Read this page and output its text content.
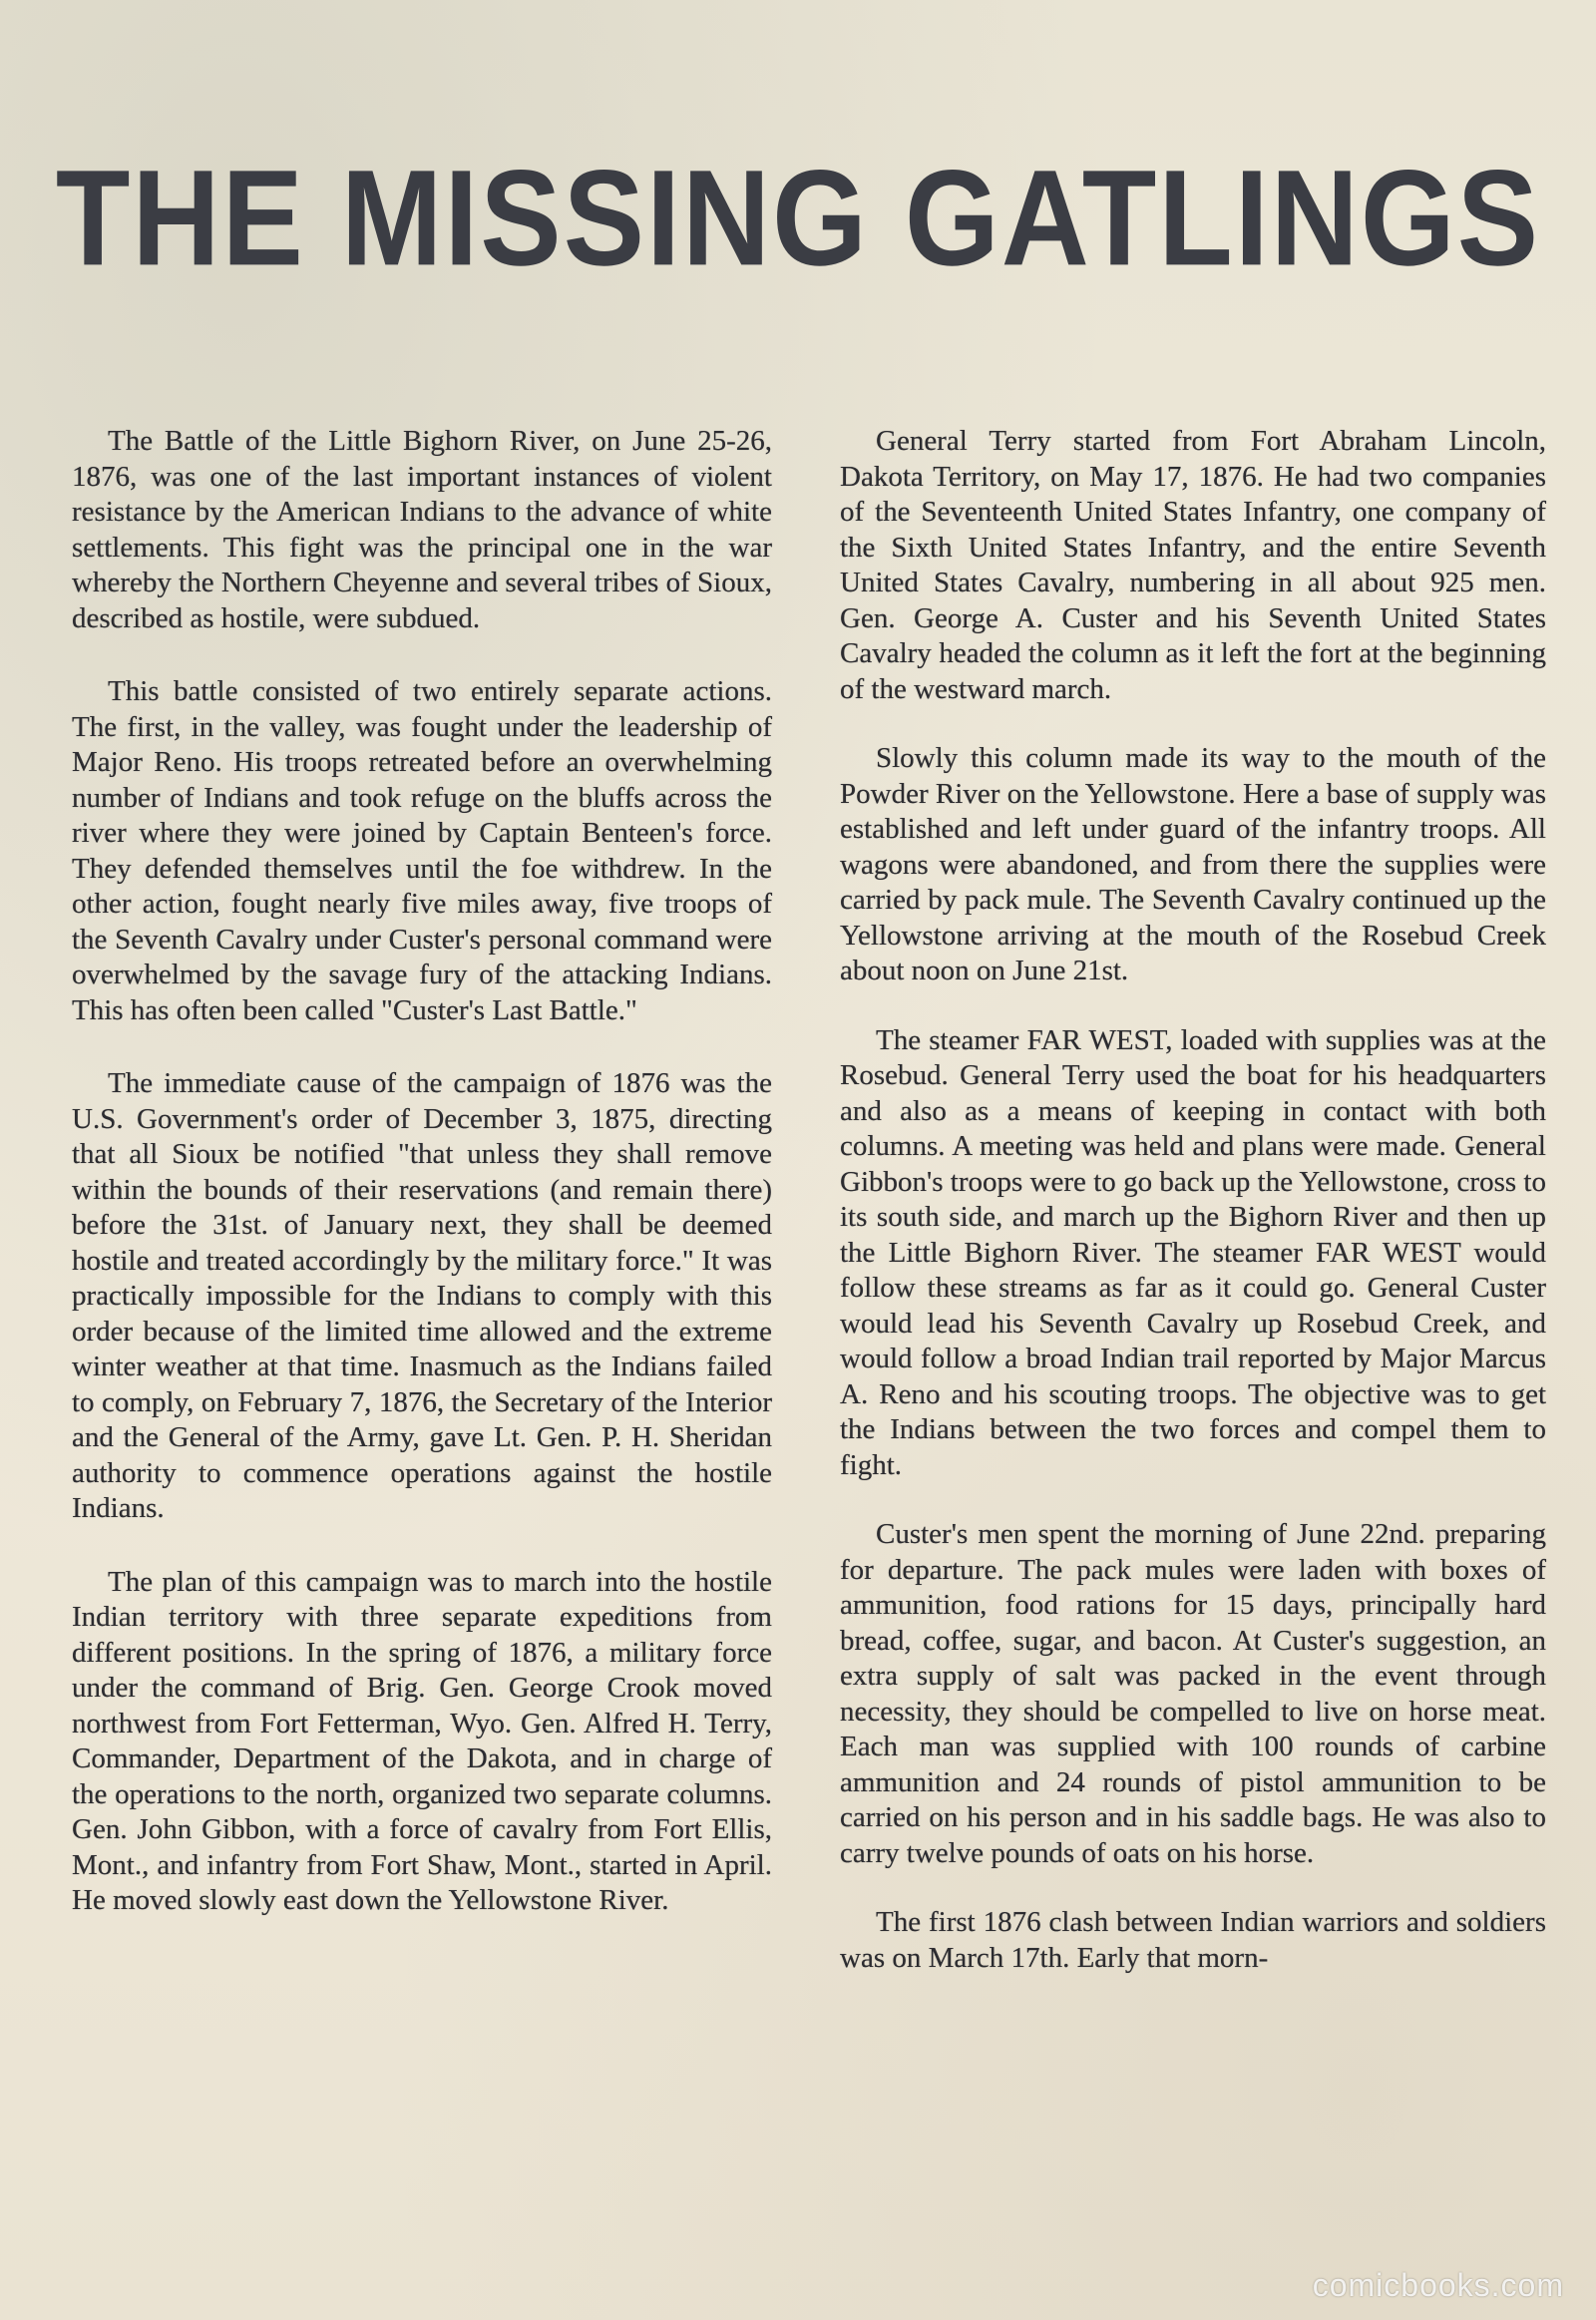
THE MISSING GATLINGS

The Battle of the Little Bighorn River, on June 25-26, 1876, was one of the last important instances of violent resistance by the American Indians to the advance of white settlements. This fight was the principal one in the war whereby the Northern Cheyenne and several tribes of Sioux, described as hostile, were subdued.

This battle consisted of two entirely separate actions. The first, in the valley, was fought under the leadership of Major Reno. His troops retreated before an overwhelming number of Indians and took refuge on the bluffs across the river where they were joined by Captain Benteen's force. They defended themselves until the foe withdrew. In the other action, fought nearly five miles away, five troops of the Seventh Cavalry under Custer's personal command were overwhelmed by the savage fury of the attacking Indians. This has often been called "Custer's Last Battle."

The immediate cause of the campaign of 1876 was the U.S. Government's order of December 3, 1875, directing that all Sioux be notified "that unless they shall remove within the bounds of their reservations (and remain there) before the 31st. of January next, they shall be deemed hostile and treated accordingly by the military force." It was practically impossible for the Indians to comply with this order because of the limited time allowed and the extreme winter weather at that time. Inasmuch as the Indians failed to comply, on February 7, 1876, the Secretary of the Interior and the General of the Army, gave Lt. Gen. P. H. Sheridan authority to commence operations against the hostile Indians.

The plan of this campaign was to march into the hostile Indian territory with three separate expeditions from different positions. In the spring of 1876, a military force under the command of Brig. Gen. George Crook moved northwest from Fort Fetterman, Wyo. Gen. Alfred H. Terry, Commander, Department of the Dakota, and in charge of the operations to the north, organized two separate columns. Gen. John Gibbon, with a force of cavalry from Fort Ellis, Mont., and infantry from Fort Shaw, Mont., started in April. He moved slowly east down the Yellowstone River.

General Terry started from Fort Abraham Lincoln, Dakota Territory, on May 17, 1876. He had two companies of the Seventeenth United States Infantry, one company of the Sixth United States Infantry, and the entire Seventh United States Cavalry, numbering in all about 925 men. Gen. George A. Custer and his Seventh United States Cavalry headed the column as it left the fort at the beginning of the westward march.

Slowly this column made its way to the mouth of the Powder River on the Yellowstone. Here a base of supply was established and left under guard of the infantry troops. All wagons were abandoned, and from there the supplies were carried by pack mule. The Seventh Cavalry continued up the Yellowstone arriving at the mouth of the Rosebud Creek about noon on June 21st.

The steamer FAR WEST, loaded with supplies was at the Rosebud. General Terry used the boat for his headquarters and also as a means of keeping in contact with both columns. A meeting was held and plans were made. General Gibbon's troops were to go back up the Yellowstone, cross to its south side, and march up the Bighorn River and then up the Little Bighorn River. The steamer FAR WEST would follow these streams as far as it could go. General Custer would lead his Seventh Cavalry up Rosebud Creek, and would follow a broad Indian trail reported by Major Marcus A. Reno and his scouting troops. The objective was to get the Indians between the two forces and compel them to fight.

Custer's men spent the morning of June 22nd. preparing for departure. The pack mules were laden with boxes of ammunition, food rations for 15 days, principally hard bread, coffee, sugar, and bacon. At Custer's suggestion, an extra supply of salt was packed in the event through necessity, they should be compelled to live on horse meat. Each man was supplied with 100 rounds of carbine ammunition and 24 rounds of pistol ammunition to be carried on his person and in his saddle bags. He was also to carry twelve pounds of oats on his horse.

The first 1876 clash between Indian warriors and soldiers was on March 17th. Early that morn-

comicbooks.com
